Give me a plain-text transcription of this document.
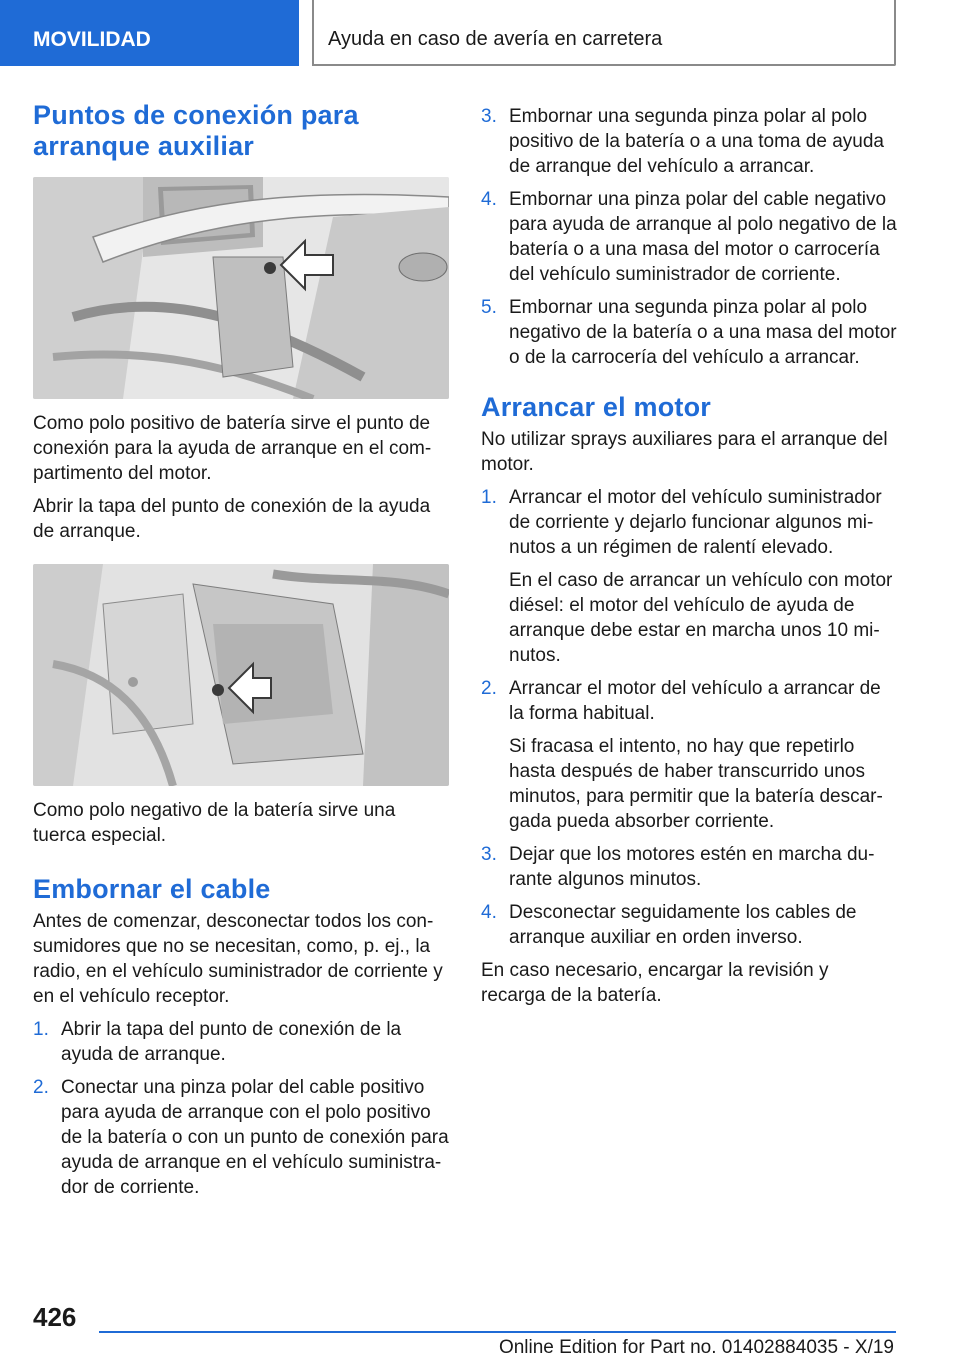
MOVILIDAD	Ayuda en caso de avería en carretera
Puntos de conexión para arranque auxiliar

Como polo positivo de batería sirve el punto de conexión para la ayuda de arranque en el compartimento del motor.

Abrir la tapa del punto de conexión de la ayuda de arranque.

Como polo negativo de la batería sirve una tuerca especial.

Embornar el cable

Antes de comenzar, desconectar todos los consumidores que no se necesitan, como, p. ej., la radio, en el vehículo suministrador de corriente y en el vehículo receptor.

1. Abrir la tapa del punto de conexión de la ayuda de arranque.
2. Conectar una pinza polar del cable positivo para ayuda de arranque con el polo positivo de la batería o con un punto de conexión para ayuda de arranque en el vehículo suministrador de corriente.
3. Embornar una segunda pinza polar al polo positivo de la batería o a una toma de ayuda de arranque del vehículo a arrancar.
4. Embornar una pinza polar del cable negativo para ayuda de arranque al polo negativo de la batería o a una masa del motor o carrocería del vehículo suministrador de corriente.
5. Embornar una segunda pinza polar al polo negativo de la batería o a una masa del motor o de la carrocería del vehículo a arrancar.
Arrancar el motor

No utilizar sprays auxiliares para el arranque del motor.

1. Arrancar el motor del vehículo suministrador de corriente y dejarlo funcionar algunos minutos a un régimen de ralentí elevado.
En el caso de arrancar un vehículo con motor diésel: el motor del vehículo de ayuda de arranque debe estar en marcha unos 10 minutos.
2. Arrancar el motor del vehículo a arrancar de la forma habitual.
Si fracasa el intento, no hay que repetirlo hasta después de haber transcurrido unos minutos, para permitir que la batería descargada pueda absorber corriente.
3. Dejar que los motores estén en marcha durante algunos minutos.
4. Desconectar seguidamente los cables de arranque auxiliar en orden inverso.

En caso necesario, encargar la revisión y recarga de la batería.

426
Online Edition for Part no. 01402884035 - X/19
